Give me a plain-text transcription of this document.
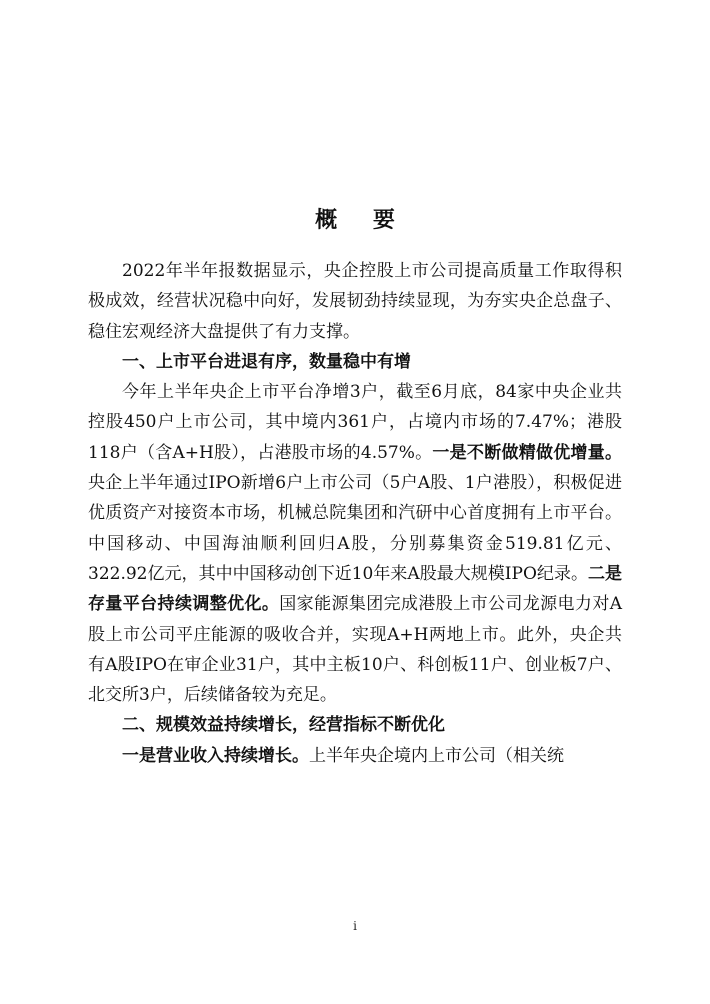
概 要

2022年半年报数据显示，央企控股上市公司提高质量工作取得积极成效，经营状况稳中向好，发展韧劲持续显现，为夯实央企总盘子、稳住宏观经济大盘提供了有力支撑。

一、上市平台进退有序，数量稳中有增

今年上半年央企上市平台净增3户，截至6月底，84家中央企业共控股450户上市公司，其中境内361户，占境内市场的7.47%；港股118户（含A+H股），占港股市场的4.57%。一是不断做精做优增量。央企上半年通过IPO新增6户上市公司（5户A股、1户港股），积极促进优质资产对接资本市场，机械总院集团和汽研中心首度拥有上市平台。中国移动、中国海油顺利回归A股，分别募集资金519.81亿元、322.92亿元，其中中国移动创下近10年来A股最大规模IPO纪录。二是存量平台持续调整优化。国家能源集团完成港股上市公司龙源电力对A股上市公司平庄能源的吸收合并，实现A+H两地上市。此外，央企共有A股IPO在审企业31户，其中主板10户、科创板11户、创业板7户、北交所3户，后续储备较为充足。

二、规模效益持续增长，经营指标不断优化

一是营业收入持续增长。上半年央企境内上市公司（相关统

i
